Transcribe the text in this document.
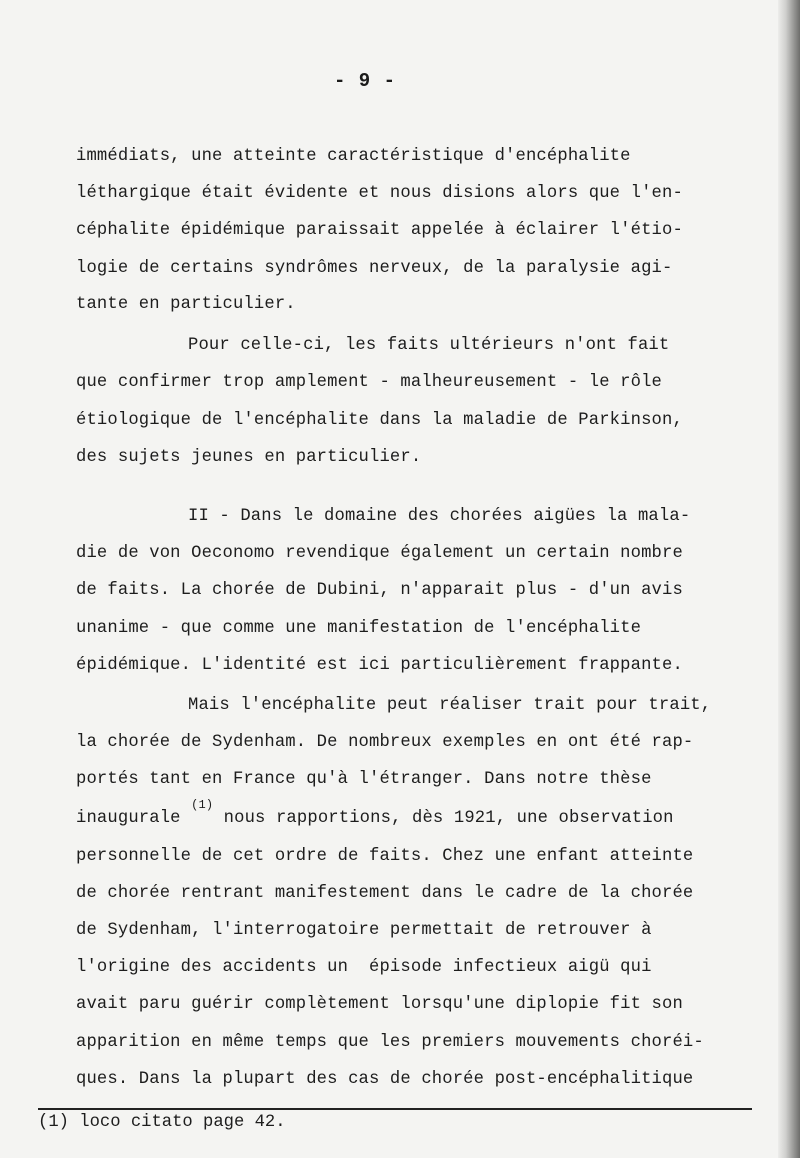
- 9 -
immédiats, une atteinte caractéristique d'encéphalite
léthargique était évidente et nous disions alors que l'en-
céphalite épidémique paraissait appelée à éclairer l'étio-
logie de certains syndrômes nerveux, de la paralysie agi-
tante en particulier.
Pour celle-ci, les faits ultérieurs n'ont fait
que confirmer trop amplement - malheureusement - le rôle
étiologique de l'encéphalite dans la maladie de Parkinson,
des sujets jeunes en particulier.
II - Dans le domaine des chorées aigües la mala-
die de von Oeconomo revendique également un certain nombre
de faits. La chorée de Dubini, n'apparait plus - d'un avis
unanime - que comme une manifestation de l'encéphalite
épidémique. L'identité est ici particulièrement frappante.
Mais l'encéphalite peut réaliser trait pour trait,
la chorée de Sydenham. De nombreux exemples en ont été rap-
portés tant en France qu'à l'étranger. Dans notre thèse
inaugurale $^{(1)}$ nous rapportions, dès 1921, une observation
personnelle de cet ordre de faits. Chez une enfant atteinte
de chorée rentrant manifestement dans le cadre de la chorée
de Sydenham, l'interrogatoire permettait de retrouver à
l'origine des accidents un  épisode infectieux aigü qui
avait paru guérir complètement lorsqu'une diplopie fit son
apparition en même temps que les premiers mouvements choréi-
ques. Dans la plupart des cas de chorée post-encéphalitique
(1) loco citato page 42.
